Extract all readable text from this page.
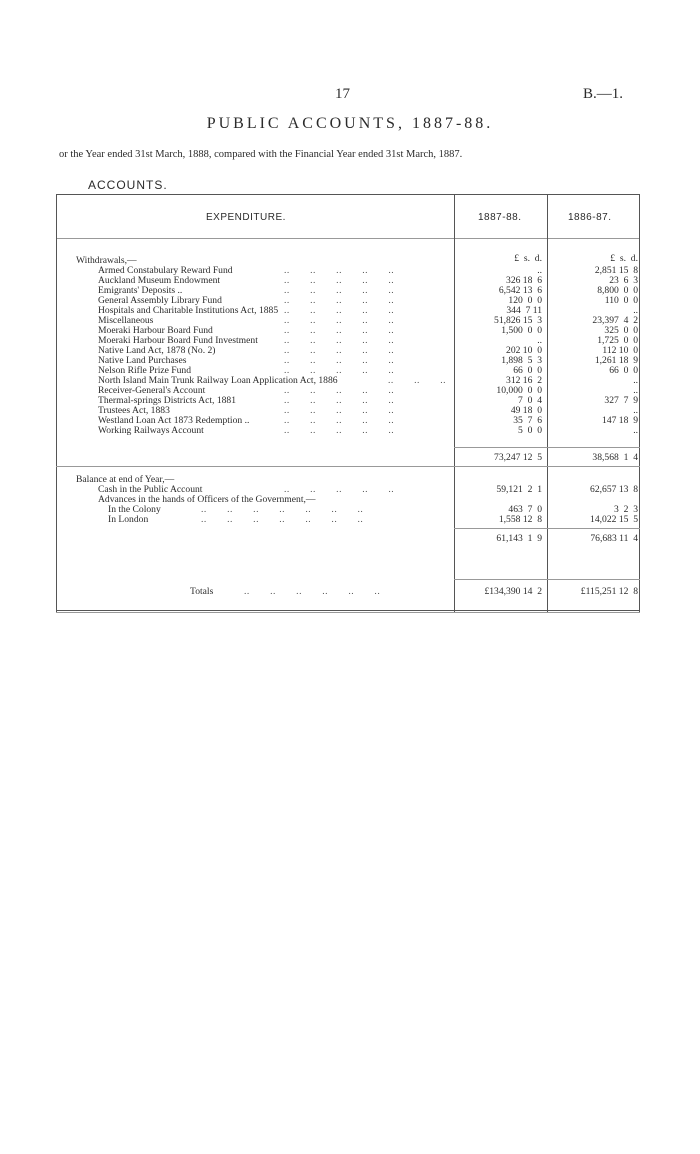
17	B.—1.
PUBLIC ACCOUNTS, 1887-88.
or the Year ended 31st March, 1888, compared with the Financial Year ended 31st March, 1887.
ACCOUNTS.
EXPENDITURE.	1887-88.	1886-87.
£  s.  d.	£  s.  d.
Withdrawals,—
Armed Constabulary Reward Fund	..       ..       ..       ..       ..	..	2,851 15  8
Auckland Museum Endowment	..       ..       ..       ..       ..	326 18  6	23  6  3
Emigrants' Deposits ..	..       ..       ..       ..       ..	6,542 13  6	8,800  0  0
General Assembly Library Fund	..       ..       ..       ..       ..	120  0  0	110  0  0
Hospitals and Charitable Institutions Act, 1885 ..       ..       ..       ..       ..	344  7 11	..
Miscellaneous	..       ..       ..       ..       ..	51,826 15  3	23,397  4  2
Moeraki Harbour Board Fund	..       ..       ..       ..       ..	1,500  0  0	325  0  0
Moeraki Harbour Board Fund Investment	..       ..       ..       ..       ..	..	1,725  0  0
Native Land Act, 1878 (No. 2)	..       ..       ..       ..       ..	202 10  0	112 10  0
Native Land Purchases	..       ..       ..       ..       ..	1,898  5  3	1,261 18  9
Nelson Rifle Prize Fund	..       ..       ..       ..       ..	66  0  0	66  0  0
North Island Main Trunk Railway Loan Application Act, 1886	..       ..       ..	312 16  2	..
Receiver-General's Account	..       ..       ..       ..       ..	10,000  0  0	..
Thermal-springs Districts Act, 1881	..       ..       ..       ..       ..	7  0  4	327  7  9
Trustees Act, 1883	..       ..       ..       ..       ..	49 18  0	..
Westland Loan Act 1873 Redemption ..	..       ..       ..       ..       ..	35  7  6	147 18  9
Working Railways Account	..       ..       ..       ..       ..	5  0  0	..
73,247 12  5	38,568  1  4
Balance at end of Year,—
Cash in the Public Account	..       ..       ..       ..       ..	59,121  2  1	62,657 13  8
Advances in the hands of Officers of the Government,—
In the Colony	..       ..       ..       ..       ..       ..       ..	463  7  0	3  2  3
In London	..       ..       ..       ..       ..       ..       ..	1,558 12  8	14,022 15  5
61,143  1  9	76,683 11  4
Totals	..       ..       ..       ..       ..       ..	£134,390 14  2	£115,251 12  8
